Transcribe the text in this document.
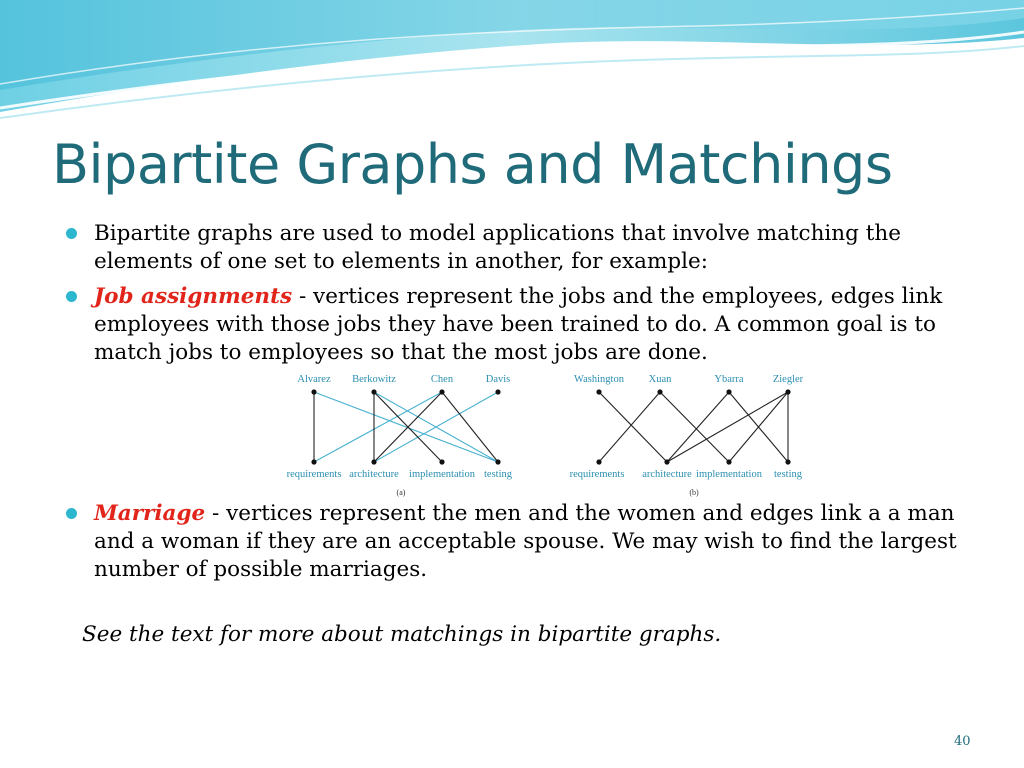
Bipartite Graphs and Matchings
Bipartite graphs are used to model applications that involve matching the elements of one set to elements in another, for example:
Job assignments - vertices represent the jobs and the employees, edges link employees with those jobs they have been trained to do. A common goal is to match jobs to employees so that the most jobs are done.
Alvarez Berkowitz	Chen	Davis
requirements architecture implementation testing
(a)
Washington Xuan	Ybarra	Ziegler
requirements architecture implementation testing
(b)
Marriage - vertices represent the men and the women and edges link a a man and a woman if they are an acceptable spouse. We may wish to find the largest number of possible marriages.
See the text for more about matchings in bipartite graphs.
40
